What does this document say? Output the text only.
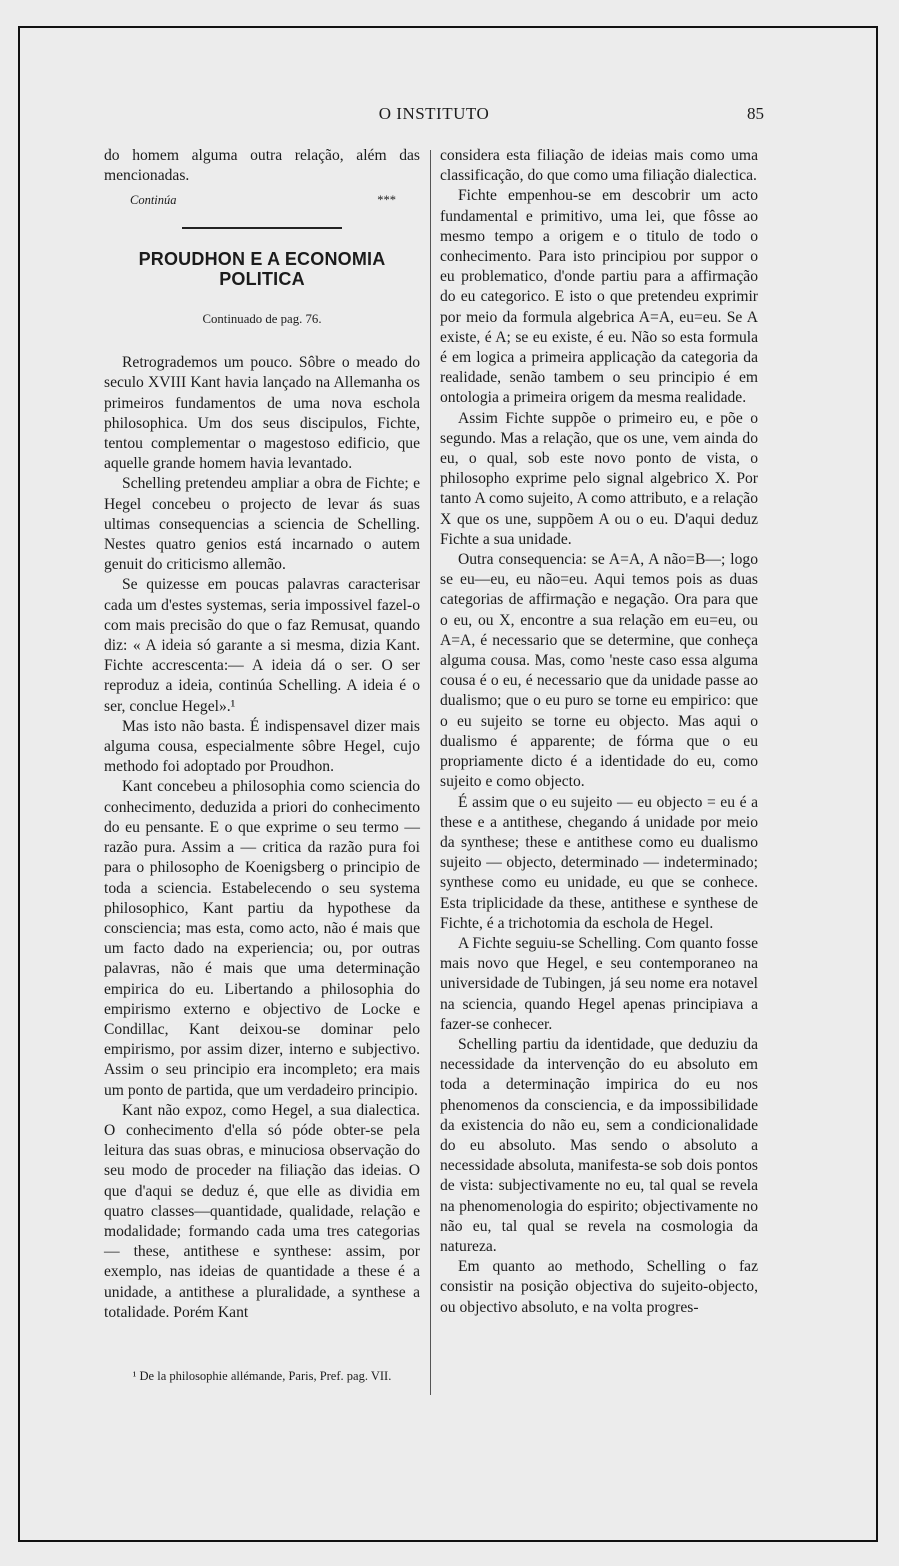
O INSTITUTO	85

do homem alguma outra relação, além das mencionadas.

Continúa	***
PROUDHON E A ECONOMIA POLITICA
Continuado de pag. 76.

Retrogrademos um pouco. Sôbre o meado do seculo XVIII Kant havia lançado na Allemanha os primeiros fundamentos de uma nova eschola philosophica. Um dos seus discipulos, Fichte, tentou complementar o magestoso edificio, que aquelle grande homem havia levantado.

Schelling pretendeu ampliar a obra de Fichte; e Hegel concebeu o projecto de levar ás suas ultimas consequencias a sciencia de Schelling. Nestes quatro genios está incarnado o autem genuit do criticismo allemão.

Se quizesse em poucas palavras caracterisar cada um d'estes systemas, seria impossivel fazel-o com mais precisão do que o faz Remusat, quando diz: « A ideia só garante a si mesma, dizia Kant. Fichte accrescenta:— A ideia dá o ser. O ser reproduz a ideia, continúa Schelling. A ideia é o ser, conclue Hegel».¹

Mas isto não basta. É indispensavel dizer mais alguma cousa, especialmente sôbre Hegel, cujo methodo foi adoptado por Proudhon.

Kant concebeu a philosophia como sciencia do conhecimento, deduzida a priori do conhecimento do eu pensante. E o que exprime o seu termo — razão pura. Assim a — critica da razão pura foi para o philosopho de Koenigsberg o principio de toda a sciencia. Estabelecendo o seu systema philosophico, Kant partiu da hypothese da consciencia; mas esta, como acto, não é mais que um facto dado na experiencia; ou, por outras palavras, não é mais que uma determinação empirica do eu. Libertando a philosophia do empirismo externo e objectivo de Locke e Condillac, Kant deixou-se dominar pelo empirismo, por assim dizer, interno e subjectivo. Assim o seu principio era incompleto; era mais um ponto de partida, que um verdadeiro principio.

Kant não expoz, como Hegel, a sua dialectica. O conhecimento d'ella só póde obter-se pela leitura das suas obras, e minuciosa observação do seu modo de proceder na filiação das ideias. O que d'aqui se deduz é, que elle as dividia em quatro classes—quantidade, qualidade, relação e modalidade; formando cada uma tres categorias — these, antithese e synthese: assim, por exemplo, nas ideias de quantidade a these é a unidade, a antithese a pluralidade, a synthese a totalidade. Porém Kant

¹ De la philosophie allémande, Paris, Pref. pag. VII.

considera esta filiação de ideias mais como uma classificação, do que como uma filiação dialectica.

Fichte empenhou-se em descobrir um acto fundamental e primitivo, uma lei, que fôsse ao mesmo tempo a origem e o titulo de todo o conhecimento. Para isto principiou por suppor o eu problematico, d'onde partiu para a affirmação do eu categorico. E isto o que pretendeu exprimir por meio da formula algebrica A=A, eu=eu. Se A existe, é A; se eu existe, é eu. Não so esta formula é em logica a primeira applicação da categoria da realidade, senão tambem o seu principio é em ontologia a primeira origem da mesma realidade.

Assim Fichte suppõe o primeiro eu, e põe o segundo. Mas a relação, que os une, vem ainda do eu, o qual, sob este novo ponto de vista, o philosopho exprime pelo signal algebrico X. Por tanto A como sujeito, A como attributo, e a relação X que os une, suppõem A ou o eu. D'aqui deduz Fichte a sua unidade.

Outra consequencia: se A=A, A não=B—; logo se eu—eu, eu não=eu. Aqui temos pois as duas categorias de affirmação e negação. Ora para que o eu, ou X, encontre a sua relação em eu=eu, ou A=A, é necessario que se determine, que conheça alguma cousa. Mas, como 'neste caso essa alguma cousa é o eu, é necessario que da unidade passe ao dualismo; que o eu puro se torne eu empirico: que o eu sujeito se torne eu objecto. Mas aqui o dualismo é apparente; de fórma que o eu propriamente dicto é a identidade do eu, como sujeito e como objecto.

É assim que o eu sujeito — eu objecto = eu é a these e a antithese, chegando á unidade por meio da synthese; these e antithese como eu dualismo sujeito — objecto, determinado — indeterminado; synthese como eu unidade, eu que se conhece. Esta triplicidade da these, antithese e synthese de Fichte, é a trichotomia da eschola de Hegel.

A Fichte seguiu-se Schelling. Com quanto fosse mais novo que Hegel, e seu contemporaneo na universidade de Tubingen, já seu nome era notavel na sciencia, quando Hegel apenas principiava a fazer-se conhecer.

Schelling partiu da identidade, que deduziu da necessidade da intervenção do eu absoluto em toda a determinação impirica do eu nos phenomenos da consciencia, e da impossibilidade da existencia do não eu, sem a condicionalidade do eu absoluto. Mas sendo o absoluto a necessidade absoluta, manifesta-se sob dois pontos de vista: subjectivamente no eu, tal qual se revela na phenomenologia do espirito; objectivamente no não eu, tal qual se revela na cosmologia da natureza.

Em quanto ao methodo, Schelling o faz consistir na posição objectiva do sujeito-objecto, ou objectivo absoluto, e na volta progres-
